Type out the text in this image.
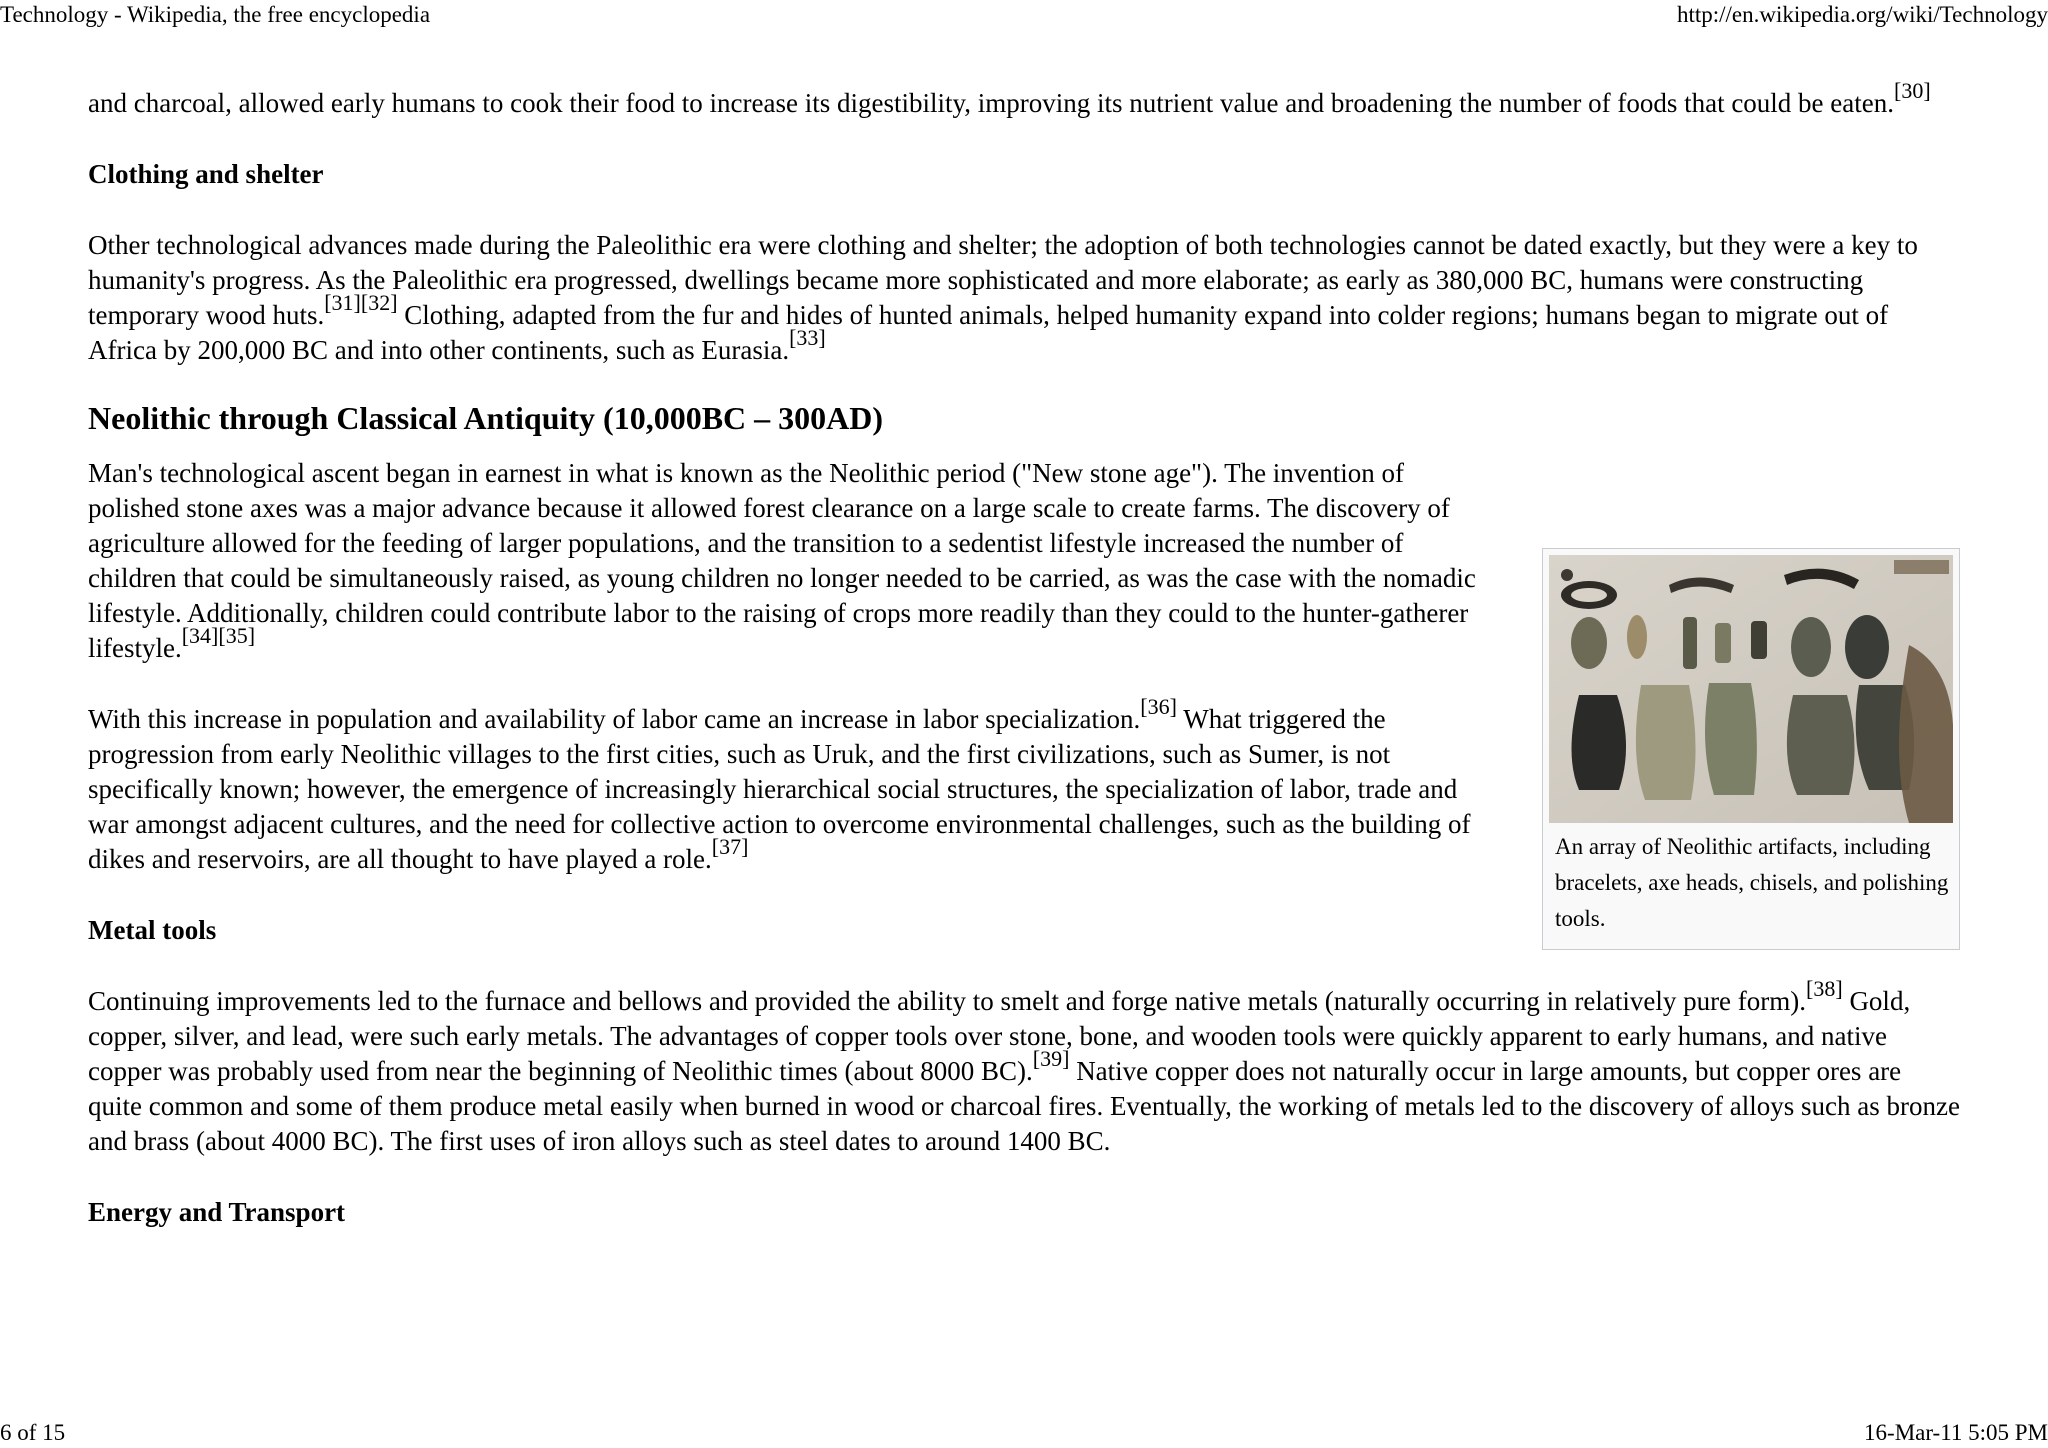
Technology - Wikipedia, the free encyclopedia	http://en.wikipedia.org/wiki/Technology

and charcoal, allowed early humans to cook their food to increase its digestibility, improving its nutrient value and broadening the number of foods that could be eaten.[30]

Clothing and shelter

Other technological advances made during the Paleolithic era were clothing and shelter; the adoption of both technologies cannot be dated exactly, but they were a key to humanity's progress. As the Paleolithic era progressed, dwellings became more sophisticated and more elaborate; as early as 380,000 BC, humans were constructing temporary wood huts.[31][32] Clothing, adapted from the fur and hides of hunted animals, helped humanity expand into colder regions; humans began to migrate out of Africa by 200,000 BC and into other continents, such as Eurasia.[33]

Neolithic through Classical Antiquity (10,000BC – 300AD)

Man's technological ascent began in earnest in what is known as the Neolithic period ("New stone age"). The invention of polished stone axes was a major advance because it allowed forest clearance on a large scale to create farms. The discovery of agriculture allowed for the feeding of larger populations, and the transition to a sedentist lifestyle increased the number of children that could be simultaneously raised, as young children no longer needed to be carried, as was the case with the nomadic lifestyle. Additionally, children could contribute labor to the raising of crops more readily than they could to the hunter-gatherer lifestyle.[34][35]

With this increase in population and availability of labor came an increase in labor specialization.[36] What triggered the progression from early Neolithic villages to the first cities, such as Uruk, and the first civilizations, such as Sumer, is not specifically known; however, the emergence of increasingly hierarchical social structures, the specialization of labor, trade and war amongst adjacent cultures, and the need for collective action to overcome environmental challenges, such as the building of dikes and reservoirs, are all thought to have played a role.[37]

Metal tools

Continuing improvements led to the furnace and bellows and provided the ability to smelt and forge native metals (naturally occurring in relatively pure form).[38] Gold, copper, silver, and lead, were such early metals. The advantages of copper tools over stone, bone, and wooden tools were quickly apparent to early humans, and native copper was probably used from near the beginning of Neolithic times (about 8000 BC).[39] Native copper does not naturally occur in large amounts, but copper ores are quite common and some of them produce metal easily when burned in wood or charcoal fires. Eventually, the working of metals led to the discovery of alloys such as bronze and brass (about 4000 BC). The first uses of iron alloys such as steel dates to around 1400 BC.

Energy and Transport
An array of Neolithic artifacts, including bracelets, axe heads, chisels, and polishing tools.
6 of 15	16-Mar-11 5:05 PM
